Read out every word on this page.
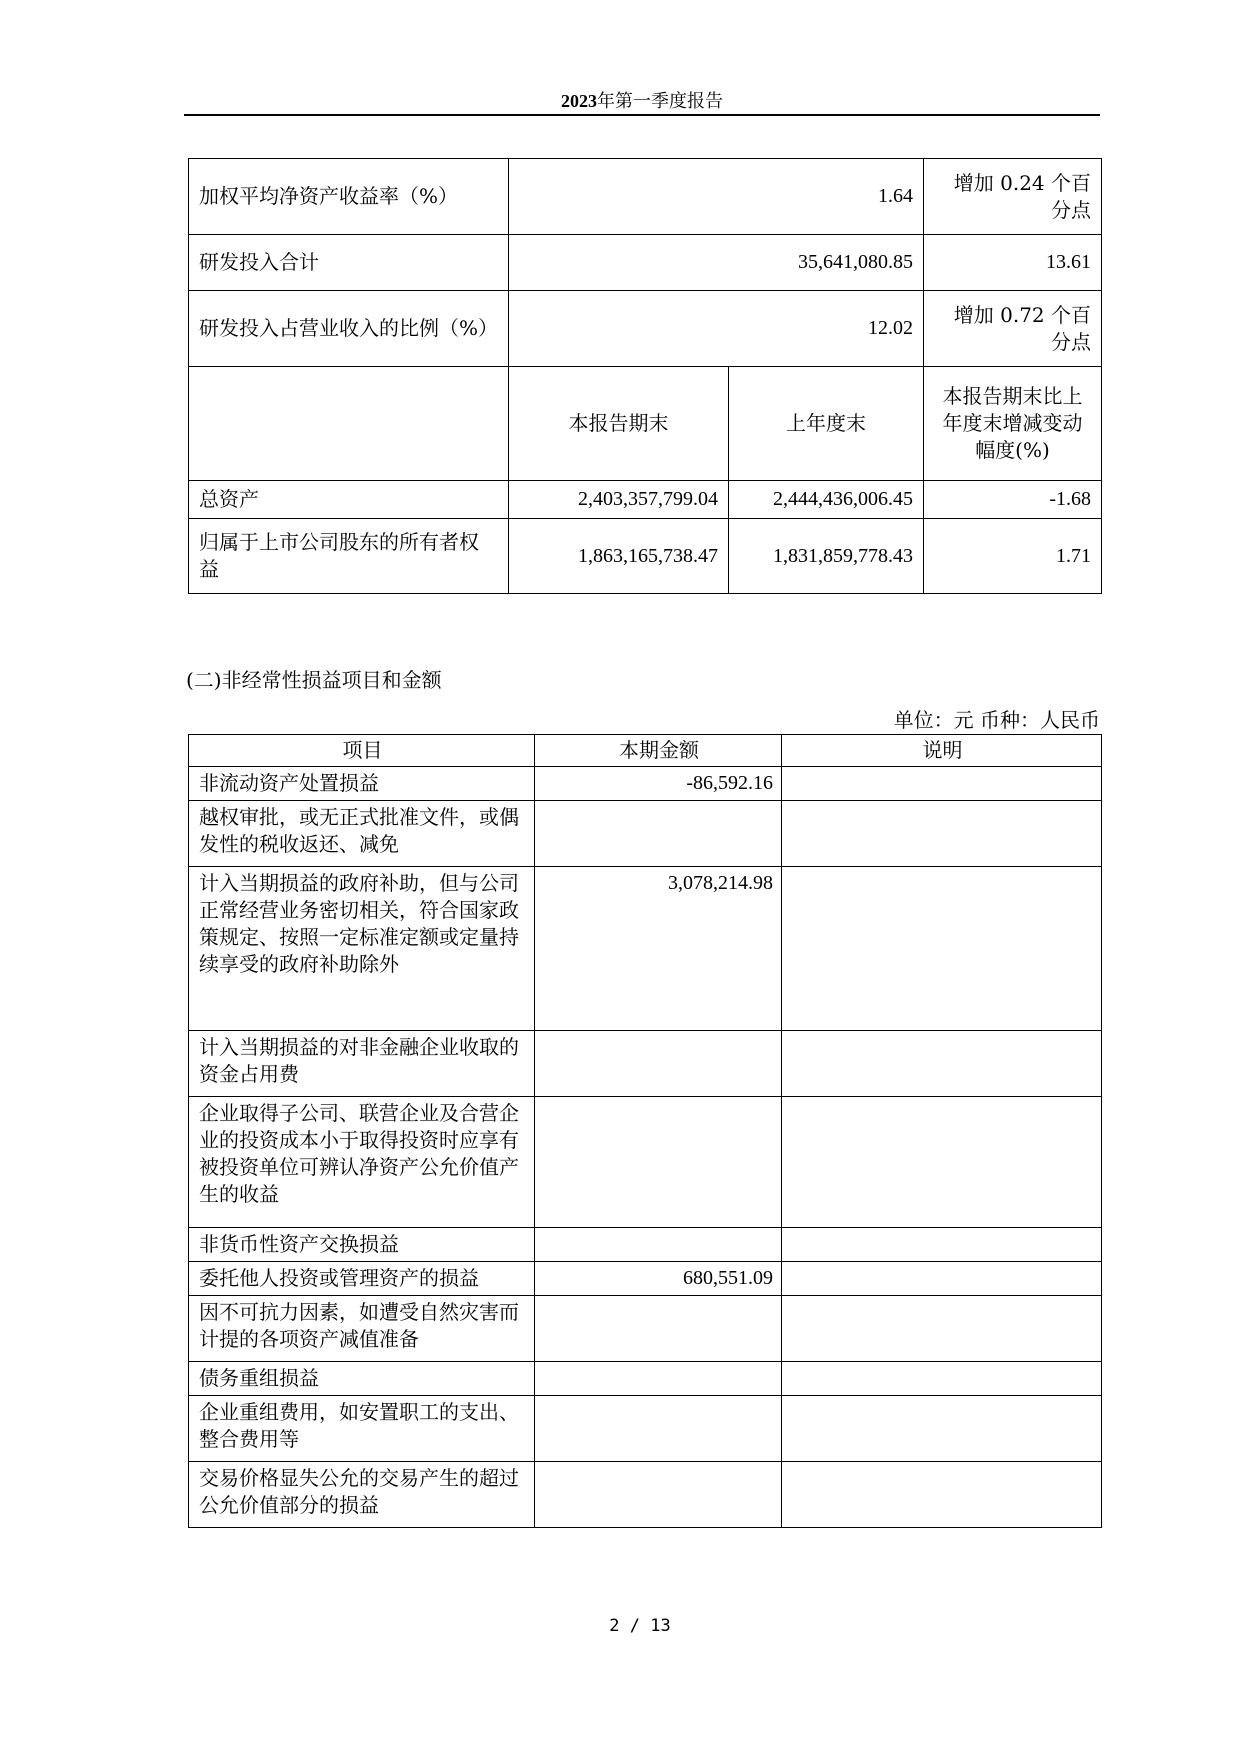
2023年第一季度报告
加权平均净资产收益率（%）	1.64		增加 0.24 个百分点
研发投入合计	35,641,080.85		13.61
研发投入占营业收入的比例（%）	12.02		增加 0.72 个百分点
	本报告期末	上年度末	本报告期末比上年度末增减变动幅度(%)
总资产	2,403,357,799.04	2,444,436,006.45	-1.68
归属于上市公司股东的所有者权益	1,863,165,738.47	1,831,859,778.43	1.71
(二)非经常性损益项目和金额
单位：元 币种：人民币
项目	本期金额	说明
非流动资产处置损益	-86,592.16	
越权审批，或无正式批准文件，或偶发性的税收返还、减免		
计入当期损益的政府补助，但与公司正常经营业务密切相关，符合国家政策规定、按照一定标准定额或定量持续享受的政府补助除外	3,078,214.98	
计入当期损益的对非金融企业收取的资金占用费		
企业取得子公司、联营企业及合营企业的投资成本小于取得投资时应享有被投资单位可辨认净资产公允价值产生的收益		
非货币性资产交换损益		
委托他人投资或管理资产的损益	680,551.09	
因不可抗力因素，如遭受自然灾害而计提的各项资产减值准备		
债务重组损益		
企业重组费用，如安置职工的支出、整合费用等		
交易价格显失公允的交易产生的超过公允价值部分的损益		
2 / 13
